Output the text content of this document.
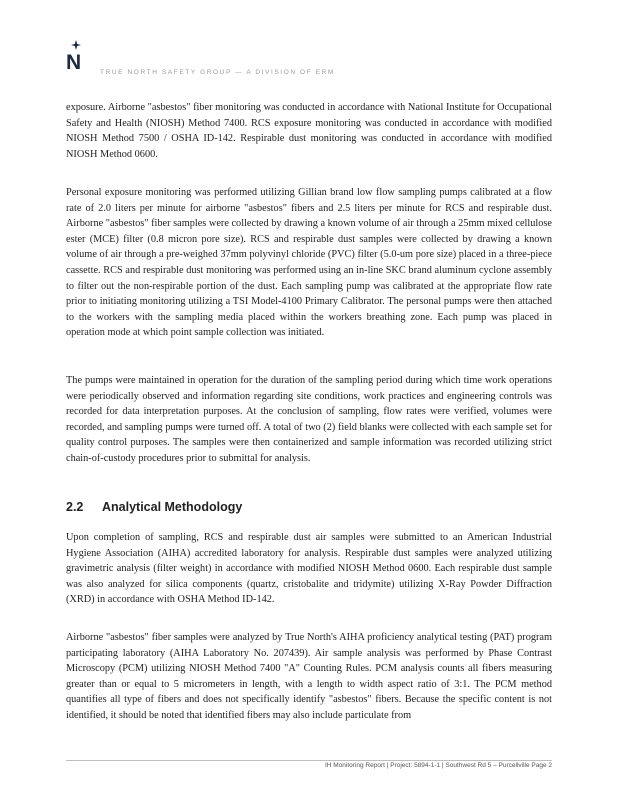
N	TRUE NORTH SAFETY GROUP — A DIVISION OF ERM

exposure. Airborne "asbestos" fiber monitoring was conducted in accordance with National Institute for Occupational Safety and Health (NIOSH) Method 7400. RCS exposure monitoring was conducted in accordance with modified NIOSH Method 7500 / OSHA ID-142. Respirable dust monitoring was conducted in accordance with modified NIOSH Method 0600.

Personal exposure monitoring was performed utilizing Gillian brand low flow sampling pumps calibrated at a flow rate of 2.0 liters per minute for airborne "asbestos" fibers and 2.5 liters per minute for RCS and respirable dust. Airborne "asbestos" fiber samples were collected by drawing a known volume of air through a 25mm mixed cellulose ester (MCE) filter (0.8 micron pore size). RCS and respirable dust samples were collected by drawing a known volume of air through a pre-weighed 37mm polyvinyl chloride (PVC) filter (5.0-um pore size) placed in a three-piece cassette. RCS and respirable dust monitoring was performed using an in-line SKC brand aluminum cyclone assembly to filter out the non-respirable portion of the dust. Each sampling pump was calibrated at the appropriate flow rate prior to initiating monitoring utilizing a TSI Model-4100 Primary Calibrator. The personal pumps were then attached to the workers with the sampling media placed within the workers breathing zone. Each pump was placed in operation mode at which point sample collection was initiated.

The pumps were maintained in operation for the duration of the sampling period during which time work operations were periodically observed and information regarding site conditions, work practices and engineering controls was recorded for data interpretation purposes. At the conclusion of sampling, flow rates were verified, volumes were recorded, and sampling pumps were turned off. A total of two (2) field blanks were collected with each sample set for quality control purposes. The samples were then containerized and sample information was recorded utilizing strict chain-of-custody procedures prior to submittal for analysis.

2.2 Analytical Methodology

Upon completion of sampling, RCS and respirable dust air samples were submitted to an American Industrial Hygiene Association (AIHA) accredited laboratory for analysis. Respirable dust samples were analyzed utilizing gravimetric analysis (filter weight) in accordance with modified NIOSH Method 0600. Each respirable dust sample was also analyzed for silica components (quartz, cristobalite and tridymite) utilizing X-Ray Powder Diffraction (XRD) in accordance with OSHA Method ID-142.

Airborne "asbestos" fiber samples were analyzed by True North's AIHA proficiency analytical testing (PAT) program participating laboratory (AIHA Laboratory No. 207439). Air sample analysis was performed by Phase Contrast Microscopy (PCM) utilizing NIOSH Method 7400 "A" Counting Rules. PCM analysis counts all fibers measuring greater than or equal to 5 micrometers in length, with a length to width aspect ratio of 3:1. The PCM method quantifies all type of fibers and does not specifically identify "asbestos" fibers. Because the specific content is not identified, it should be noted that identified fibers may also include particulate from

IH Monitoring Report | Project: 5894-1-1 | Southwest Rd 5 – Purcellville Page 2
